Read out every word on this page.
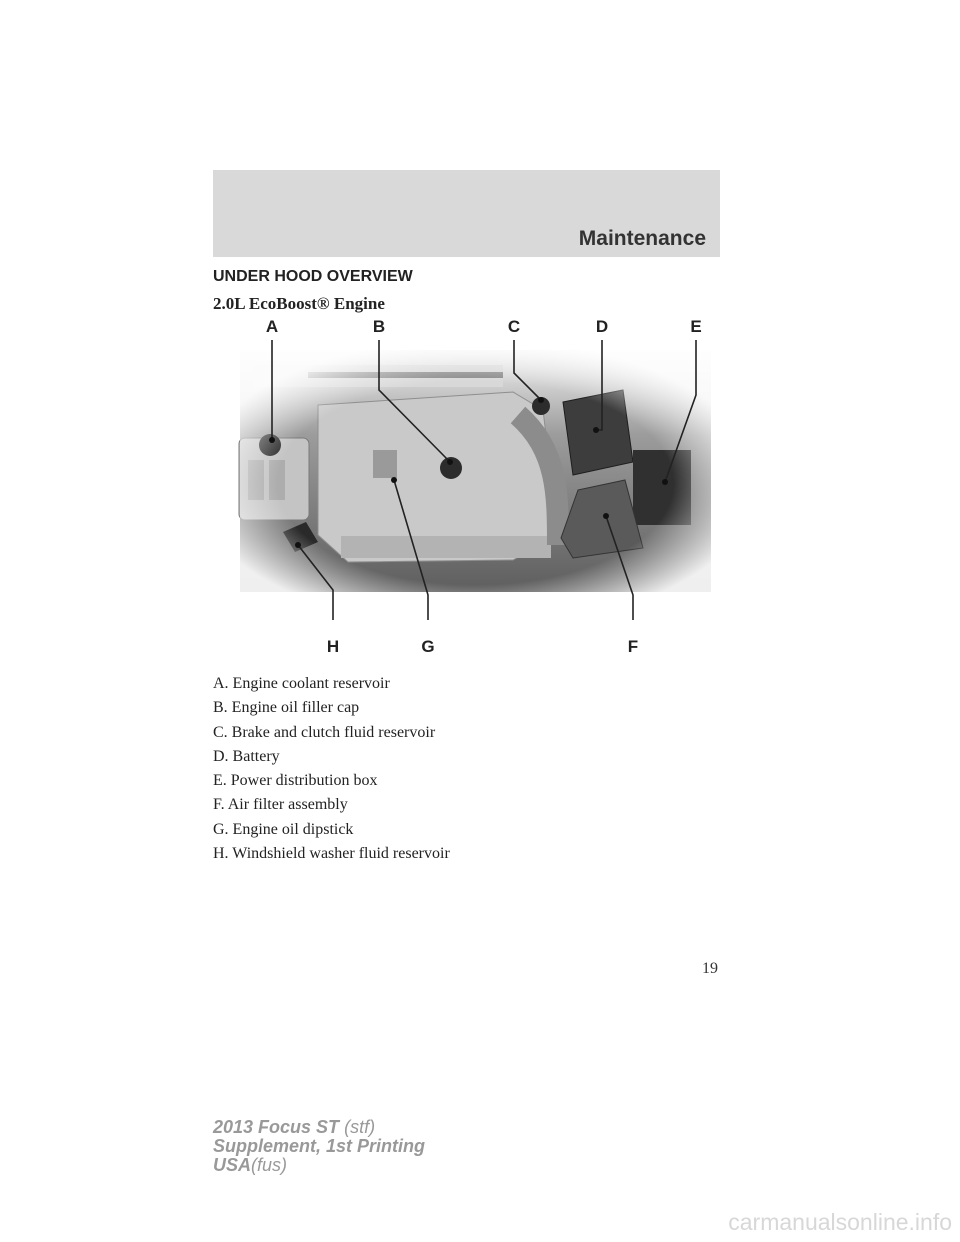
Maintenance
UNDER HOOD OVERVIEW
2.0L EcoBoost® Engine
A	B	C	D	E
F
G
H
A. Engine coolant reservoir
B. Engine oil filler cap
C. Brake and clutch fluid reservoir
D. Battery
E. Power distribution box
F. Air filter assembly
G. Engine oil dipstick
H. Windshield washer fluid reservoir
19
2013 Focus ST (stf)
Supplement, 1st Printing
USA(fus)
carmanualsonline.info
